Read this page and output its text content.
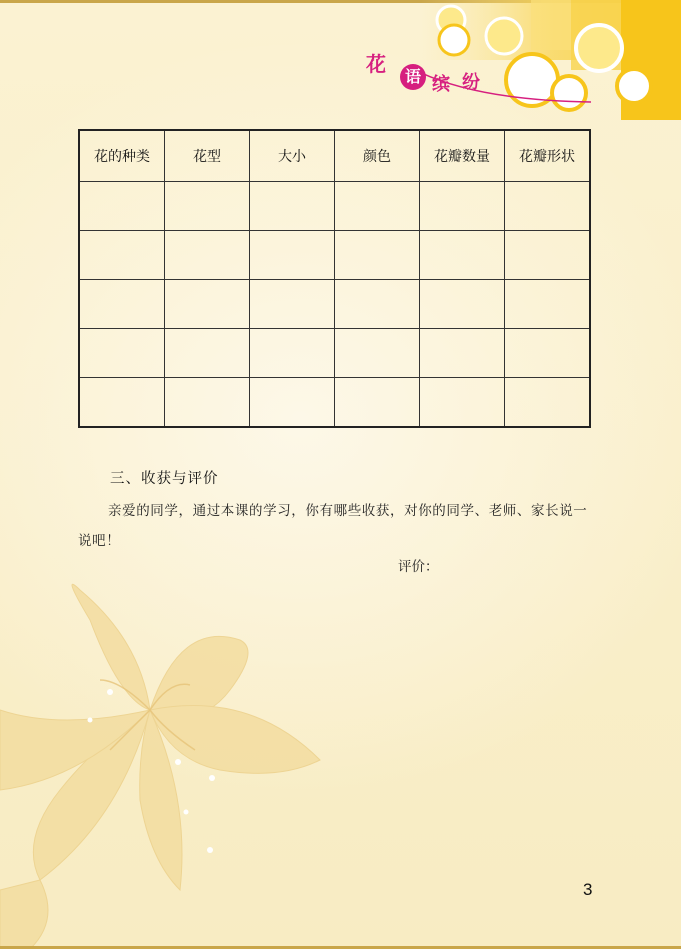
花
语 缤 纷
花的种类	花型	大小	颜色	花瓣数量	花瓣形状

三、收获与评价
亲爱的同学，通过本课的学习，你有哪些收获，对你的同学、老师、家长说一说吧！
评价：
3
